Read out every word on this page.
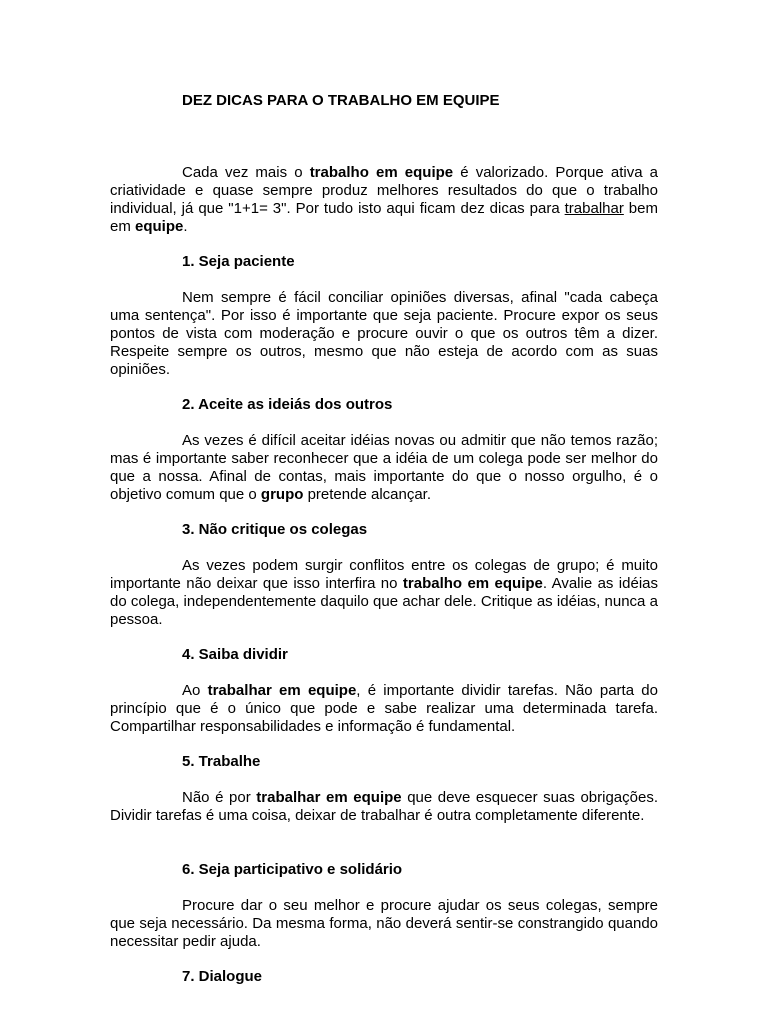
DEZ DICAS PARA O TRABALHO EM EQUIPE

Cada vez mais o trabalho em equipe é valorizado. Porque ativa a criatividade e quase sempre produz melhores resultados do que o trabalho individual, já que "1+1= 3". Por tudo isto aqui ficam dez dicas para trabalhar bem em equipe.

1. Seja paciente

Nem sempre é fácil conciliar opiniões diversas, afinal "cada cabeça uma sentença". Por isso é importante que seja paciente. Procure expor os seus pontos de vista com moderação e procure ouvir o que os outros têm a dizer. Respeite sempre os outros, mesmo que não esteja de acordo com as suas opiniões.

2. Aceite as ideiás dos outros

As vezes é difícil aceitar idéias novas ou admitir que não temos razão; mas é importante saber reconhecer que a idéia de um colega pode ser melhor do que a nossa. Afinal de contas, mais importante do que o nosso orgulho, é o objetivo comum que o grupo pretende alcançar.

3. Não critique os colegas

As vezes podem surgir conflitos entre os colegas de grupo; é muito importante não deixar que isso interfira no trabalho em equipe. Avalie as idéias do colega, independentemente daquilo que achar dele. Critique as idéias, nunca a pessoa.

4. Saiba dividir

Ao trabalhar em equipe, é importante dividir tarefas. Não parta do princípio que é o único que pode e sabe realizar uma determinada tarefa. Compartilhar responsabilidades e informação é fundamental.

5. Trabalhe

Não é por trabalhar em equipe que deve esquecer suas obrigações. Dividir tarefas é uma coisa, deixar de trabalhar é outra completamente diferente.

6. Seja participativo e solidário

Procure dar o seu melhor e procure ajudar os seus colegas, sempre que seja necessário. Da mesma forma, não deverá sentir-se constrangido quando necessitar pedir ajuda.

7. Dialogue
